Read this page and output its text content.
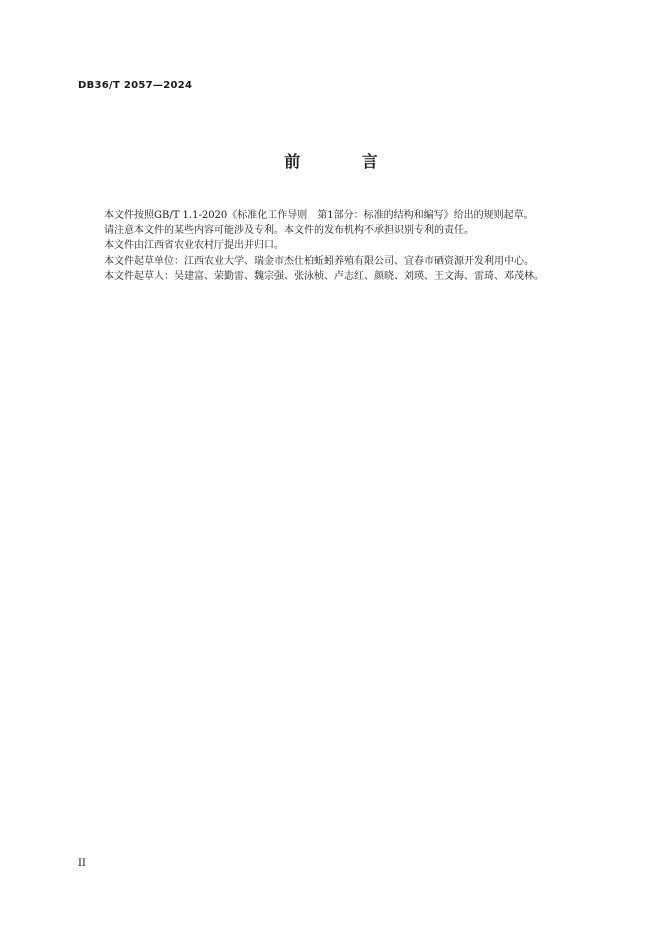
DB36/T 2057—2024

前 言

本文件按照GB/T 1.1-2020《标准化工作导则　第1部分：标准的结构和编写》给出的规则起草。

请注意本文件的某些内容可能涉及专利。本文件的发布机构不承担识别专利的责任。

本文件由江西省农业农村厅提出并归口。

本文件起草单位：江西农业大学、瑞金市杰仕柏蚯蚓养殖有限公司、宜春市硒资源开发利用中心。

本文件起草人：吴建富、荣勤雷、魏宗强、张泳桢、卢志红、颜晓、刘瑛、王文海、雷琦、邓茂林。

II
